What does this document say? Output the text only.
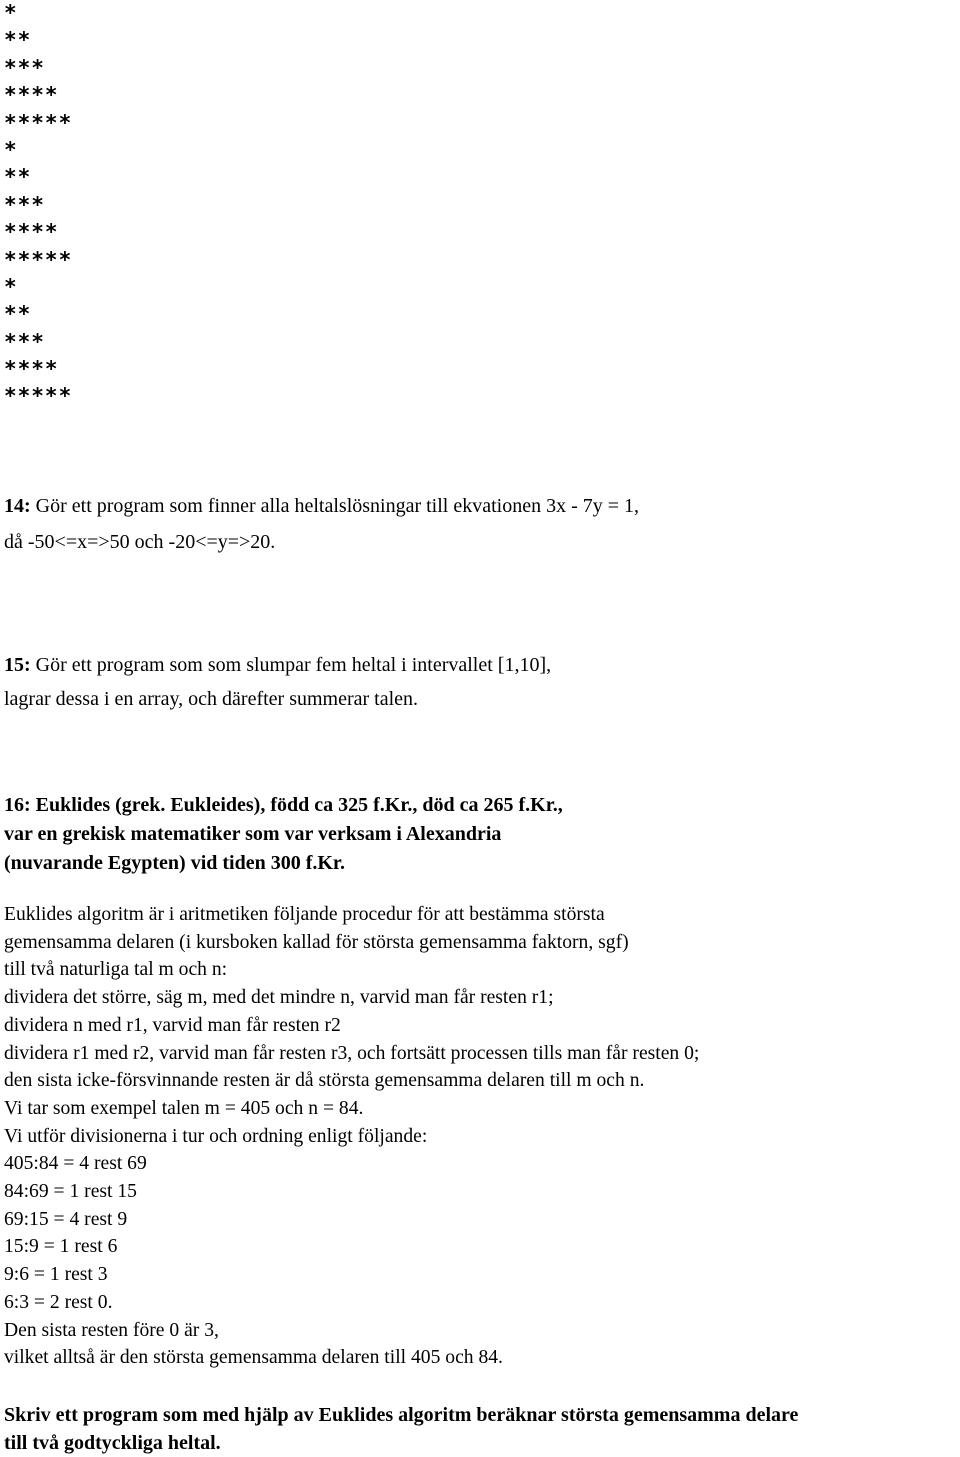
*
**
***
****
*****
*
**
***
****
*****
*
**
***
****
*****
14: Gör ett program som finner alla heltalslösningar till ekvationen 3x - 7y = 1,
då -50<=x=>50 och -20<=y=>20.
15: Gör ett program som som slumpar fem heltal i intervallet [1,10],
lagrar dessa i en array, och därefter summerar talen.
16: Euklides (grek. Eukleides), född ca 325 f.Kr., död ca 265 f.Kr.,
var en grekisk matematiker som var verksam i Alexandria
(nuvarande Egypten) vid tiden 300 f.Kr.
Euklides algoritm är i aritmetiken följande procedur för att bestämma största
gemensamma delaren (i kursboken kallad för största gemensamma faktorn, sgf)
till två naturliga tal m och n:
dividera det större, säg m, med det mindre n, varvid man får resten r1;
dividera n med r1, varvid man får resten r2
dividera r1 med r2, varvid man får resten r3, och fortsätt processen tills man får resten 0;
den sista icke-försvinnande resten är då största gemensamma delaren till m och n.
Vi tar som exempel talen m = 405 och n = 84.
Vi utför divisionerna i tur och ordning enligt följande:
405:84 = 4 rest 69
84:69 = 1 rest 15
69:15 = 4 rest 9
15:9 = 1 rest 6
9:6 = 1 rest 3
6:3 = 2 rest 0.
Den sista resten före 0 är 3,
vilket alltså är den största gemensamma delaren till 405 och 84.
Skriv ett program som med hjälp av Euklides algoritm beräknar största gemensamma delare
till två godtyckliga heltal.
